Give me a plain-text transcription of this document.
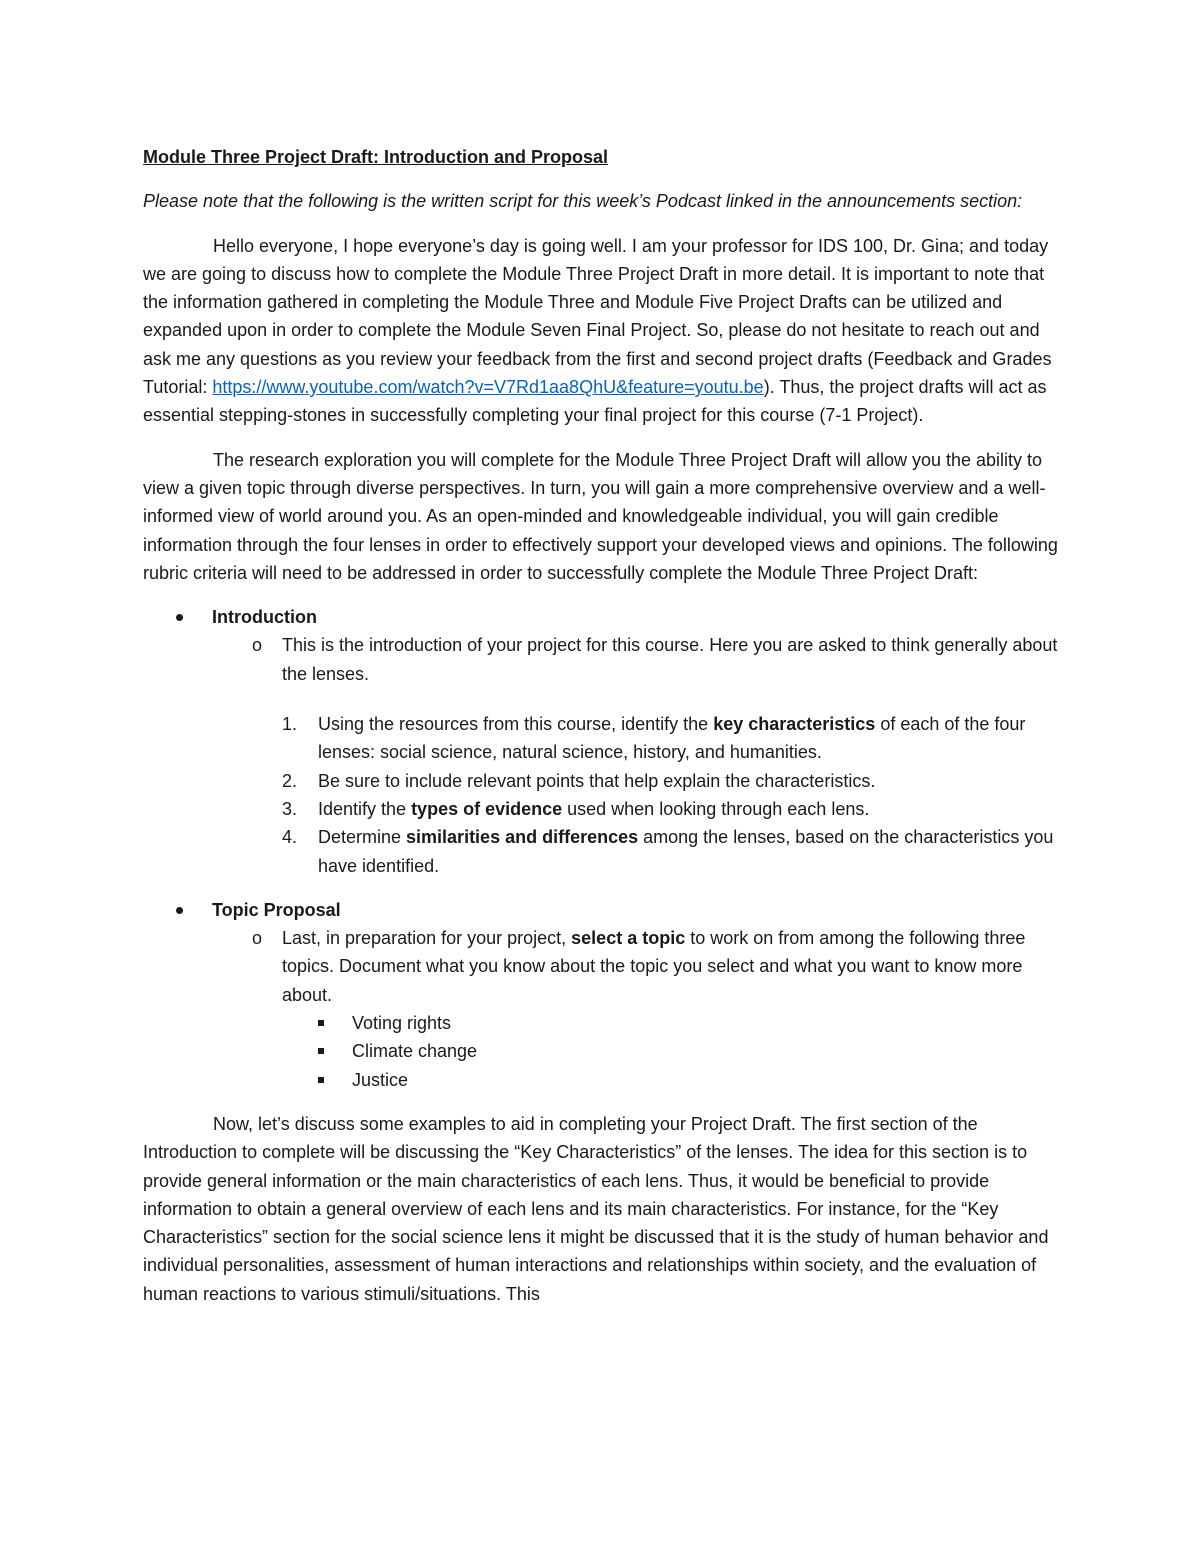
Module Three Project Draft: Introduction and Proposal

Please note that the following is the written script for this week’s Podcast linked in the announcements section:

Hello everyone, I hope everyone’s day is going well. I am your professor for IDS 100, Dr. Gina; and today we are going to discuss how to complete the Module Three Project Draft in more detail. It is important to note that the information gathered in completing the Module Three and Module Five Project Drafts can be utilized and expanded upon in order to complete the Module Seven Final Project. So, please do not hesitate to reach out and ask me any questions as you review your feedback from the first and second project drafts (Feedback and Grades Tutorial: https://www.youtube.com/watch?v=V7Rd1aa8QhU&feature=youtu.be). Thus, the project drafts will act as essential stepping-stones in successfully completing your final project for this course (7-1 Project).

The research exploration you will complete for the Module Three Project Draft will allow you the ability to view a given topic through diverse perspectives. In turn, you will gain a more comprehensive overview and a well-informed view of world around you. As an open-minded and knowledgeable individual, you will gain credible information through the four lenses in order to effectively support your developed views and opinions. The following rubric criteria will need to be addressed in order to successfully complete the Module Three Project Draft:

Introduction
o This is the introduction of your project for this course. Here you are asked to think generally about the lenses.
1. Using the resources from this course, identify the key characteristics of each of the four lenses: social science, natural science, history, and humanities.
2. Be sure to include relevant points that help explain the characteristics.
3. Identify the types of evidence used when looking through each lens.
4. Determine similarities and differences among the lenses, based on the characteristics you have identified.
Topic Proposal
o Last, in preparation for your project, select a topic to work on from among the following three topics. Document what you know about the topic you select and what you want to know more about.
Voting rights
Climate change
Justice

Now, let’s discuss some examples to aid in completing your Project Draft. The first section of the Introduction to complete will be discussing the “Key Characteristics” of the lenses. The idea for this section is to provide general information or the main characteristics of each lens. Thus, it would be beneficial to provide information to obtain a general overview of each lens and its main characteristics. For instance, for the “Key Characteristics” section for the social science lens it might be discussed that it is the study of human behavior and individual personalities, assessment of human interactions and relationships within society, and the evaluation of human reactions to various stimuli/situations. This
